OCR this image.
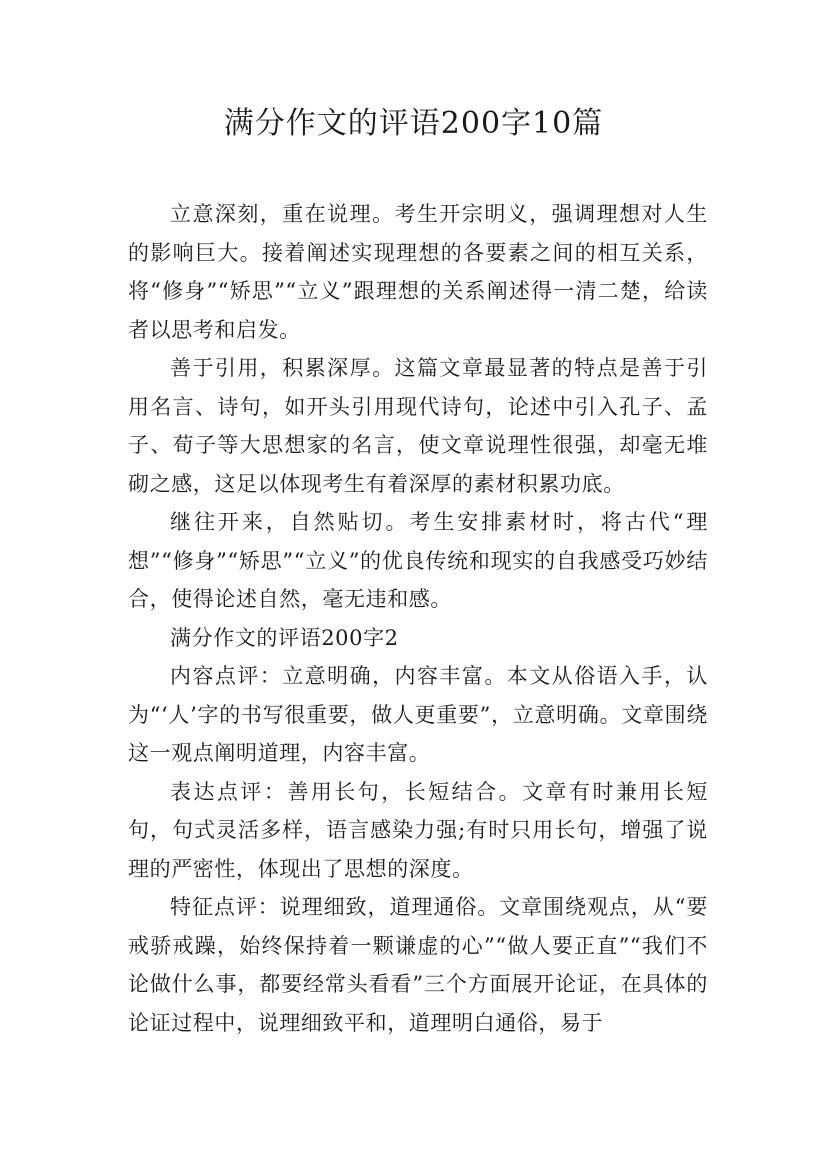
满分作文的评语200字10篇

立意深刻，重在说理。考生开宗明义，强调理想对人生的影响巨大。接着阐述实现理想的各要素之间的相互关系，将“修身”“矫思”“立义”跟理想的关系阐述得一清二楚，给读者以思考和启发。

善于引用，积累深厚。这篇文章最显著的特点是善于引用名言、诗句，如开头引用现代诗句，论述中引入孔子、孟子、荀子等大思想家的名言，使文章说理性很强，却毫无堆砌之感，这足以体现考生有着深厚的素材积累功底。

继往开来，自然贴切。考生安排素材时，将古代“理想”“修身”“矫思”“立义”的优良传统和现实的自我感受巧妙结合，使得论述自然，毫无违和感。

满分作文的评语200字2

内容点评：立意明确，内容丰富。本文从俗语入手，认为“‘人’字的书写很重要，做人更重要”，立意明确。文章围绕这一观点阐明道理，内容丰富。

表达点评：善用长句，长短结合。文章有时兼用长短句，句式灵活多样，语言感染力强;有时只用长句，增强了说理的严密性，体现出了思想的深度。

特征点评：说理细致，道理通俗。文章围绕观点，从“要戒骄戒躁，始终保持着一颗谦虚的心”“做人要正直”“我们不论做什么事，都要经常头看看”三个方面展开论证，在具体的论证过程中，说理细致平和，道理明白通俗，易于
